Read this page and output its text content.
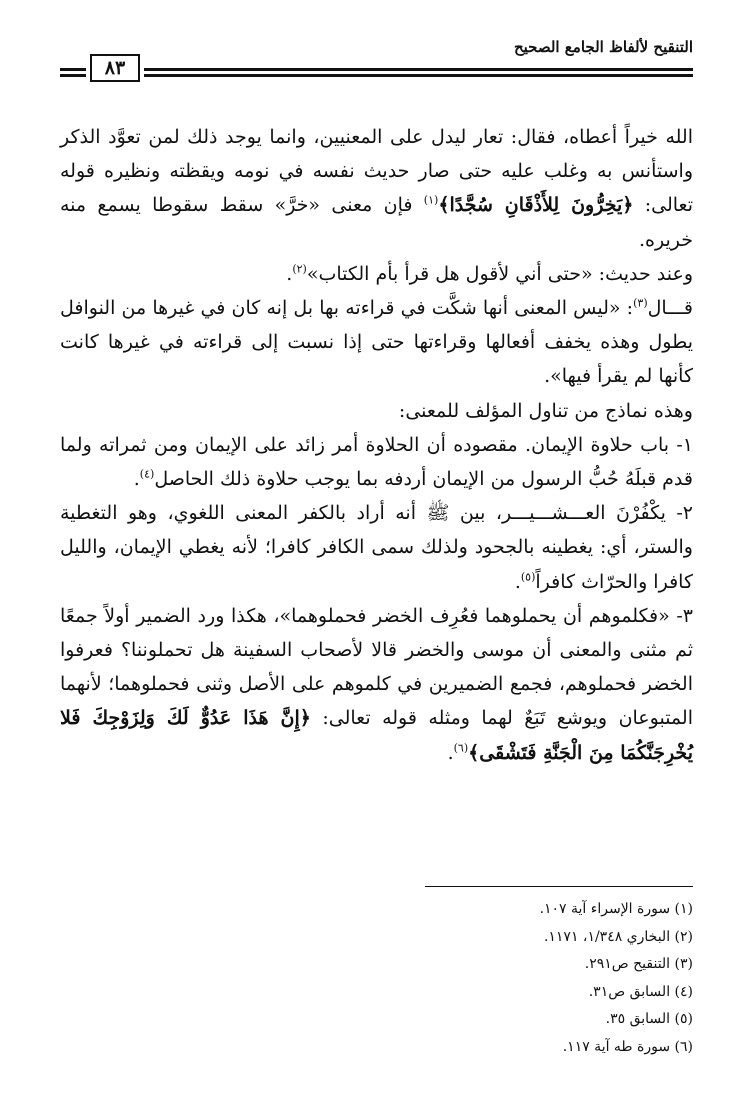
التنقيح لألفاظ الجامع الصحيح
٨٣

الله خيراً أعطاه، فقال: تعار ليدل على المعنيين، وانما يوجد ذلك لمن تعوَّد الذكر واستأنس به وغلب عليه حتى صار حديث نفسه في نومه ويقظته ونظيره قوله تعالى: ﴿يَخِرُّونَ لِلأَذْقَانِ سُجَّدًا﴾$^{(١)}$ فإن معنى «خرَّ» سقط سقوطا يسمع منه خريره.

وعند حديث: «حتى أني لأقول هل قرأ بأم الكتاب»$^{(٢)}$.

قـــال$^{(٣)}$: «ليس المعنى أنها شكَّت في قراءته بها بل إنه كان في غيرها من النوافل يطول وهذه يخفف أفعالها وقراءتها حتى إذا نسبت إلى قراءته في غيرها كانت كأنها لم يقرأ فيها».

وهذه نماذج من تناول المؤلف للمعنى:

١- باب حلاوة الإيمان. مقصوده أن الحلاوة أمر زائد على الإيمان ومن ثمراته ولما قدم قبلَهُ حُبُّ الرسول من الإيمان أردفه بما يوجب حلاوة ذلك الحاصل$^{(٤)}$.

٢- يكْفُرْنَ العـــشـــيـــر، بين ﷺ أنه أراد بالكفر المعنى اللغوي، وهو التغطية والستر، أي: يغطينه بالجحود ولذلك سمى الكافر كافرا؛ لأنه يغطي الإيمان، والليل كافرا والحرّاث كافراً$^{(٥)}$.

٣- «فكلموهم أن يحملوهما فعُرِف الخضر فحملوهما»، هكذا ورد الضمير أولاً جمعًا ثم مثنى والمعنى أن موسى والخضر قالا لأصحاب السفينة هل تحملوننا؟ فعرفوا الخضر فحملوهم، فجمع الضميرين في كلموهم على الأصل وثنى فحملوهما؛ لأنهما المتبوعان ويوشع تَبَعٌ لهما ومثله قوله تعالى: ﴿إِنَّ هَذَا عَدُوٌّ لَكَ وَلِزَوْجِكَ فَلا يُخْرِجَنَّكُمَا مِنَ الْجَنَّةِ فَتَشْقَى﴾$^{(٦)}$.

(١) سورة الإسراء آية ١٠٧.
(٢) البخاري ١/٣٤٨، ١١٧١.
(٣) التنقيح ص٢٩١.
(٤) السابق ص٣١.
(٥) السابق ٣٥.
(٦) سورة طه آية ١١٧.
